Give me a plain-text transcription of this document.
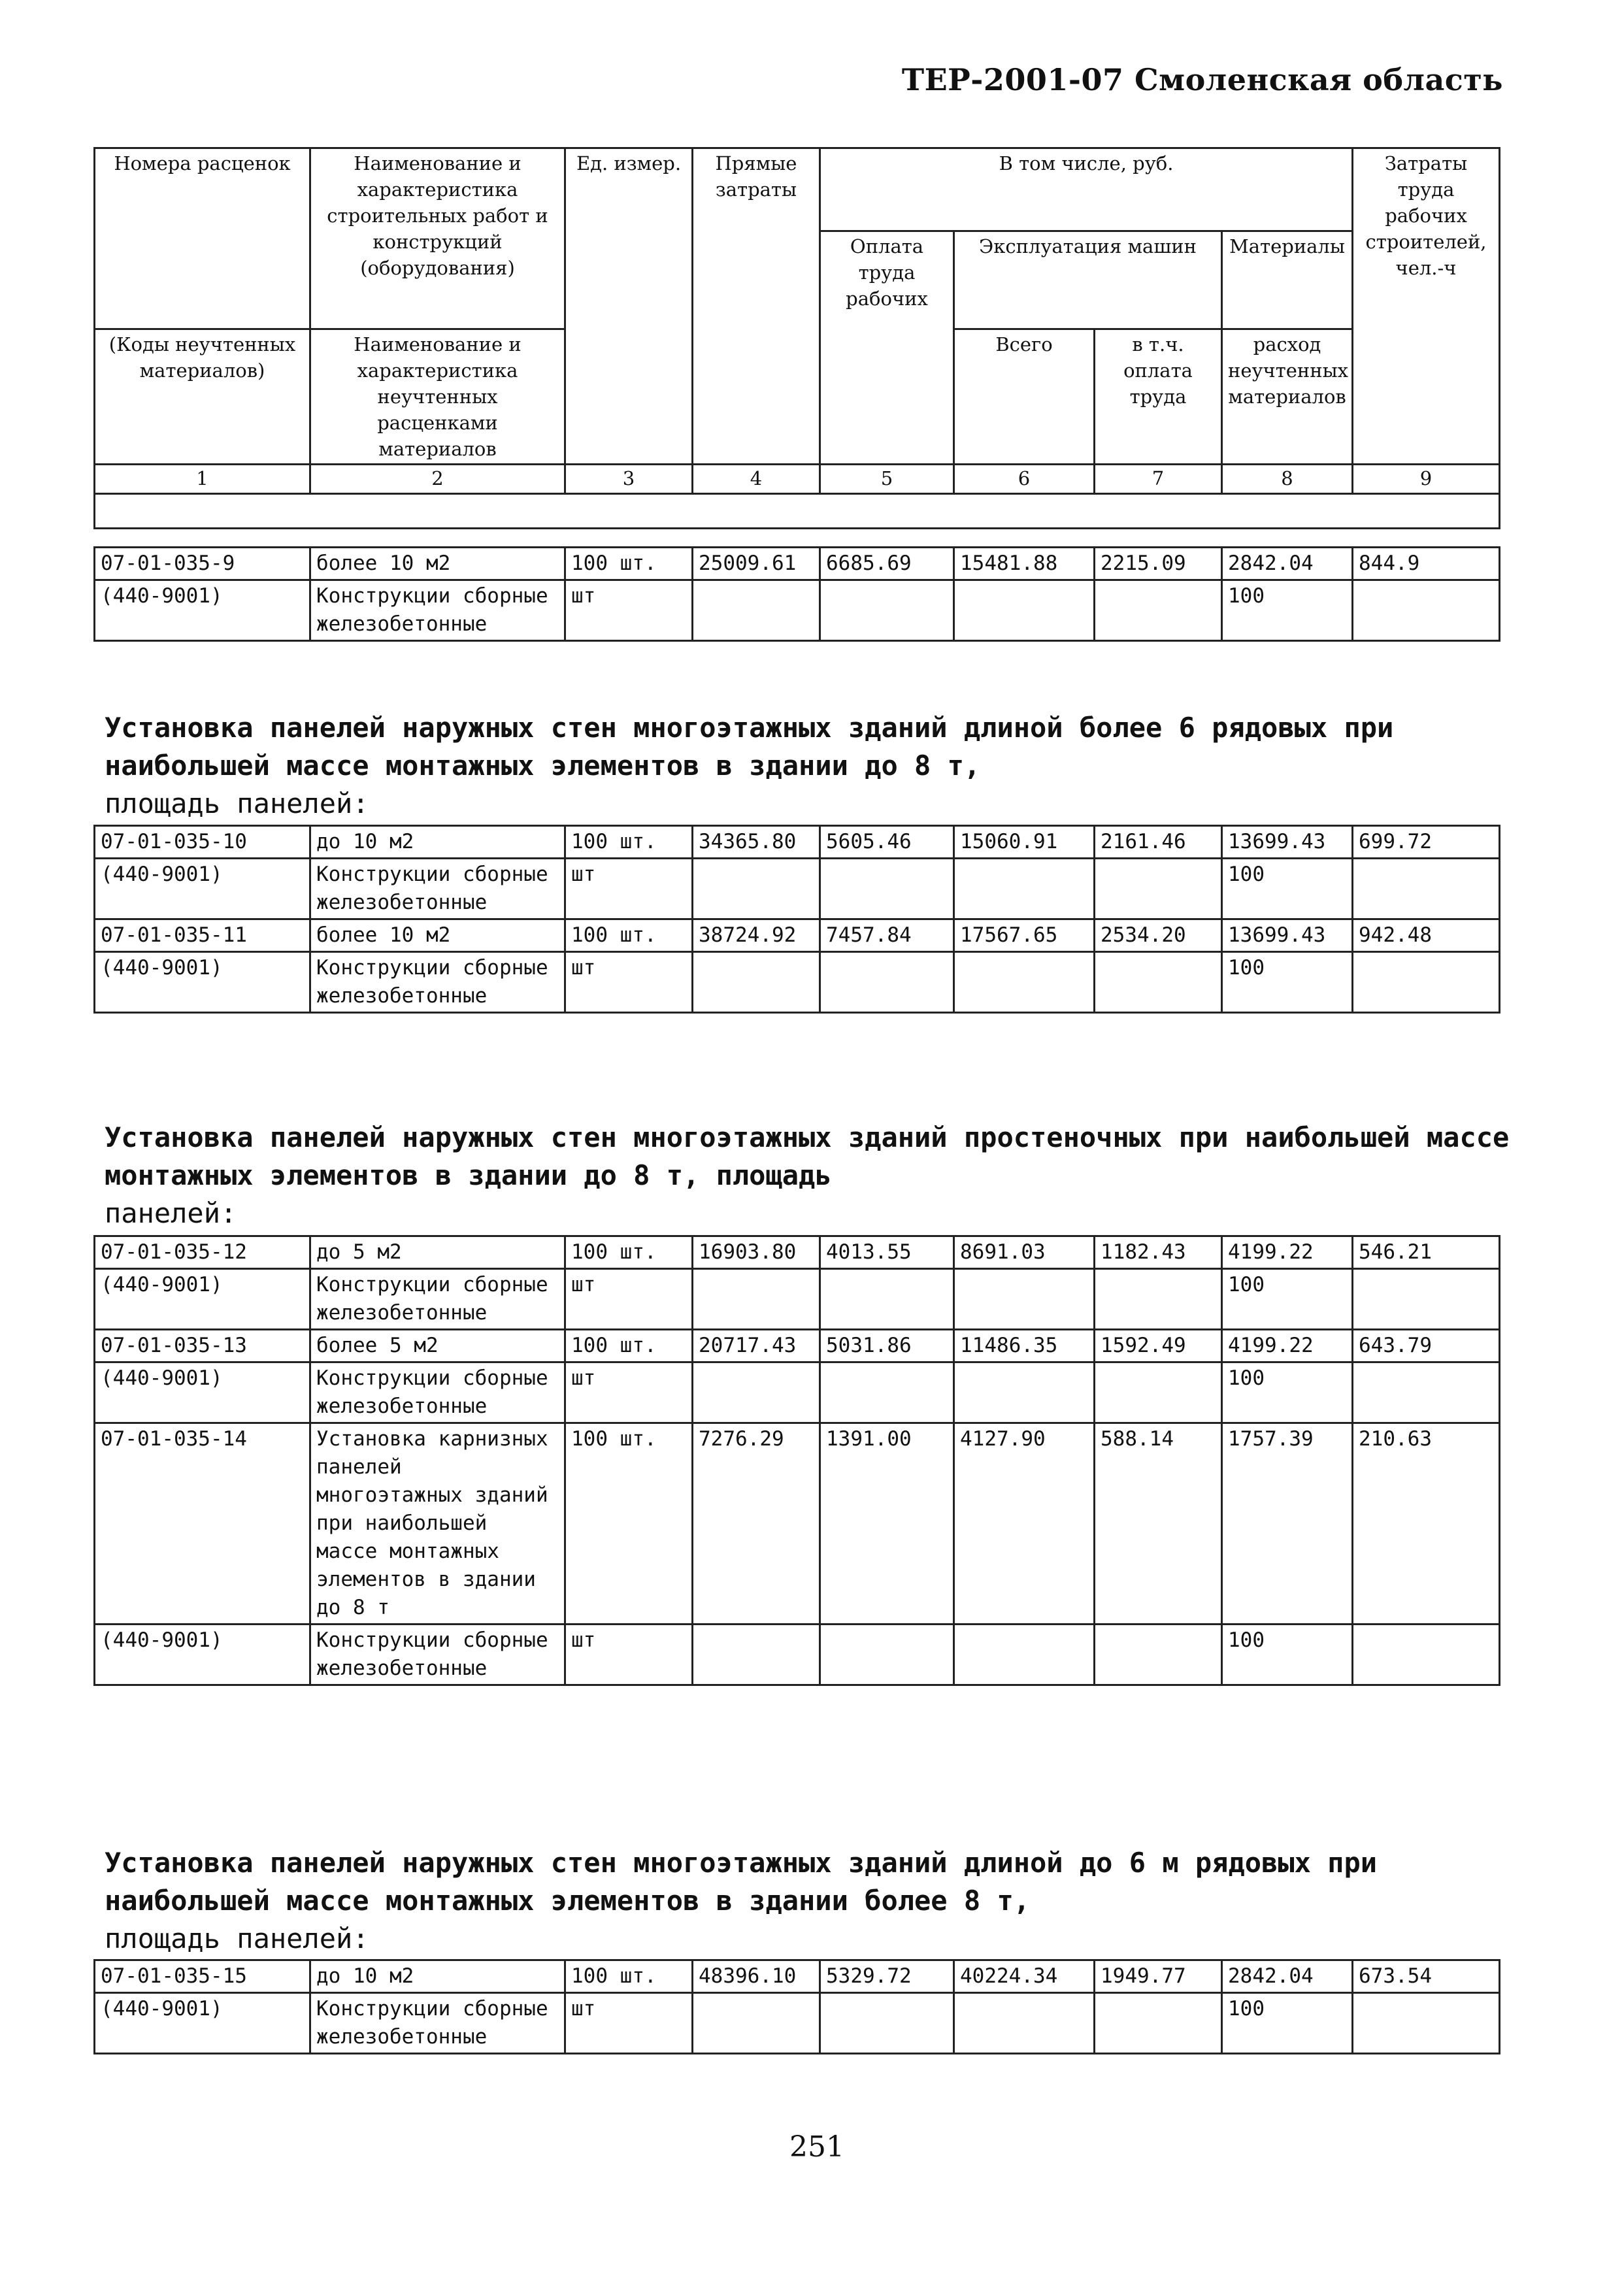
ТЕР-2001-07 Смоленская область
Номера расценок	Наименование и характеристика строительных работ и конструкций (оборудования)	Ед. измер.	Прямые затраты	В том числе, руб.				Затраты труда рабочих строителей, чел.-ч
				Оплата труда рабочих	Эксплуатация машин		Материалы	
(Коды неучтенных материалов)	Наименование и характеристика неучтенных расценками материалов				Всего	в т.ч. оплата труда	расход неучтенных материалов	

1	2	3	4	5	6	7	8	9

07-01-035-9	более 10 м2	100 шт.	25009.61	6685.69	15481.88	2215.09	2842.04	844.9
(440-9001)	Конструкции сборные железобетонные	шт					100	
Установка панелей наружных стен многоэтажных зданий длиной более 6 рядовых при наибольшей массе монтажных элементов в здании до 8 т,
площадь панелей:
07-01-035-10	до 10 м2	100 шт.	34365.80	5605.46	15060.91	2161.46	13699.43	699.72
(440-9001)	Конструкции сборные железобетонные	шт					100	
07-01-035-11	более 10 м2	100 шт.	38724.92	7457.84	17567.65	2534.20	13699.43	942.48
(440-9001)	Конструкции сборные железобетонные	шт					100	
Установка панелей наружных стен многоэтажных зданий простеночных при наибольшей массе монтажных элементов в здании до 8 т, площадь
панелей:
07-01-035-12	до 5 м2	100 шт.	16903.80	4013.55	8691.03	1182.43	4199.22	546.21
(440-9001)	Конструкции сборные железобетонные	шт					100	
07-01-035-13	более 5 м2	100 шт.	20717.43	5031.86	11486.35	1592.49	4199.22	643.79
(440-9001)	Конструкции сборные железобетонные	шт					100	
07-01-035-14	Установка карнизных панелей многоэтажных зданий при наибольшей массе монтажных элементов в здании до 8 т	100 шт.	7276.29	1391.00	4127.90	588.14	1757.39	210.63
(440-9001)	Конструкции сборные железобетонные	шт					100	
Установка панелей наружных стен многоэтажных зданий длиной до 6 м рядовых при наибольшей массе монтажных элементов в здании более 8 т,
площадь панелей:
07-01-035-15	до 10 м2	100 шт.	48396.10	5329.72	40224.34	1949.77	2842.04	673.54
(440-9001)	Конструкции сборные железобетонные	шт					100	
251
